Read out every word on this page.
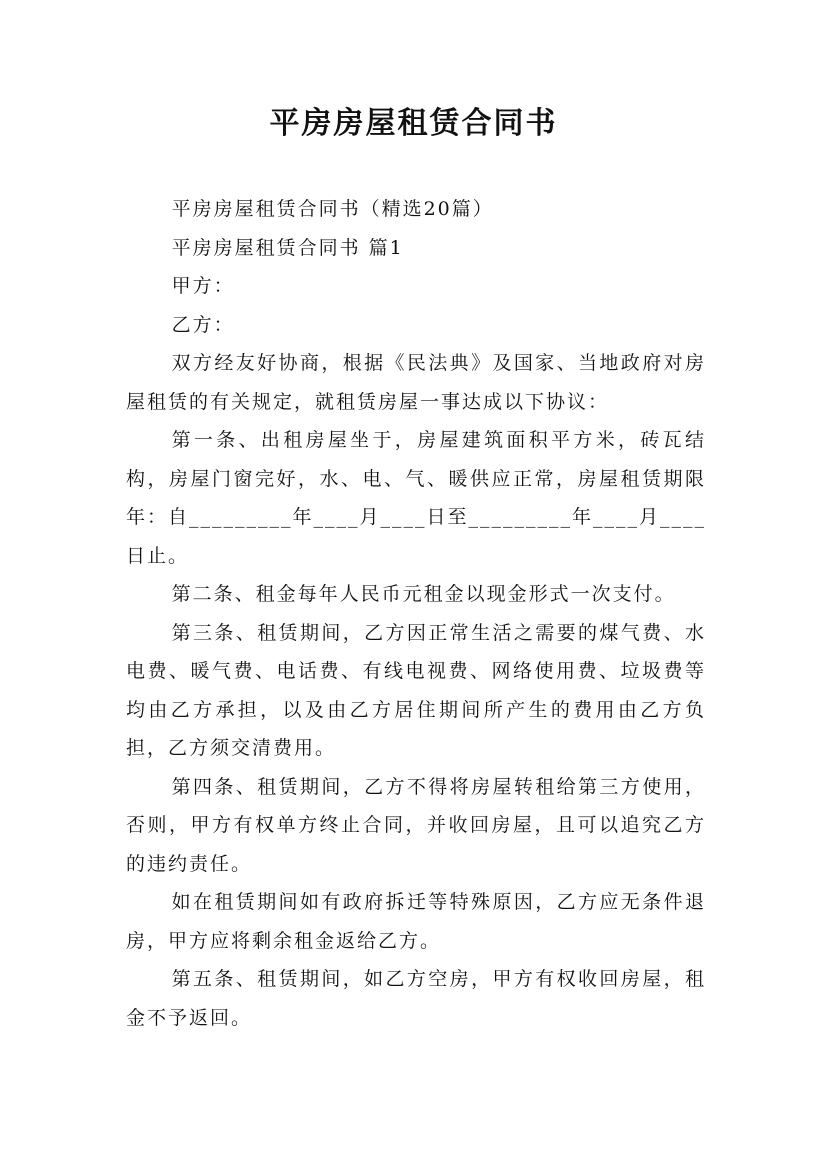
平房房屋租赁合同书

平房房屋租赁合同书（精选20篇）

平房房屋租赁合同书 篇1

甲方：

乙方：

双方经友好协商，根据《民法典》及国家、当地政府对房屋租赁的有关规定，就租赁房屋一事达成以下协议：

第一条、出租房屋坐于，房屋建筑面积平方米，砖瓦结构，房屋门窗完好，水、电、气、暖供应正常，房屋租赁期限年：自_________年____月____日至_________年____月____日止。

第二条、租金每年人民币元租金以现金形式一次支付。

第三条、租赁期间，乙方因正常生活之需要的煤气费、水电费、暖气费、电话费、有线电视费、网络使用费、垃圾费等均由乙方承担，以及由乙方居住期间所产生的费用由乙方负担，乙方须交清费用。

第四条、租赁期间，乙方不得将房屋转租给第三方使用，否则，甲方有权单方终止合同，并收回房屋，且可以追究乙方的违约责任。

如在租赁期间如有政府拆迁等特殊原因，乙方应无条件退房，甲方应将剩余租金返给乙方。

第五条、租赁期间，如乙方空房，甲方有权收回房屋，租金不予返回。
